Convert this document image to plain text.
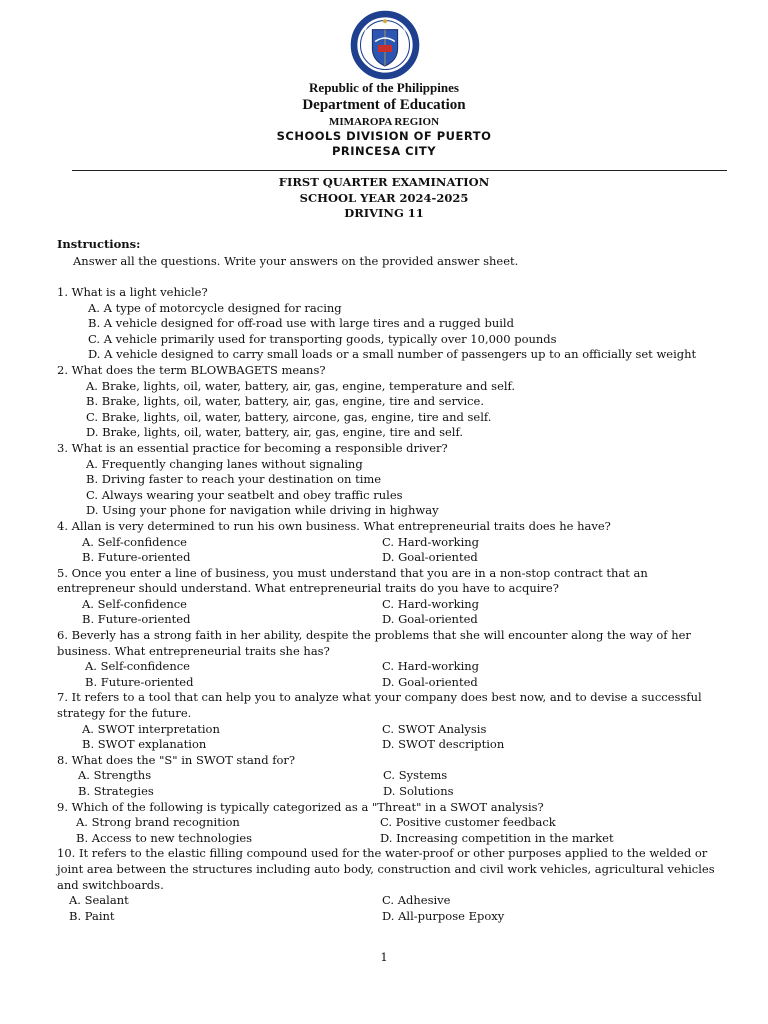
Republic of the Philippines
Department of Education
MIMAROPA REGION
SCHOOLS DIVISION OF PUERTO
PRINCESA CITY
FIRST QUARTER EXAMINATION
SCHOOL YEAR 2024-2025
DRIVING 11
Instructions:
Answer all the questions. Write your answers on the provided answer sheet.
1. What is a light vehicle?
A. A type of motorcycle designed for racing
B. A vehicle designed for off-road use with large tires and a rugged build
C. A vehicle primarily used for transporting goods, typically over 10,000 pounds
D. A vehicle designed to carry small loads or a small number of passengers up to an officially set weight
2. What does the term BLOWBAGETS means?
A. Brake, lights, oil, water, battery, air, gas, engine, temperature and self.
B. Brake, lights, oil, water, battery, air, gas, engine, tire and service.
C. Brake, lights, oil, water, battery, aircone, gas, engine, tire and self.
D. Brake, lights, oil, water, battery, air, gas, engine, tire and self.
3. What is an essential practice for becoming a responsible driver?
A. Frequently changing lanes without signaling
B. Driving faster to reach your destination on time
C. Always wearing your seatbelt and obey traffic rules
D. Using your phone for navigation while driving in highway
4. Allan is very determined to run his own business. What entrepreneurial traits does he have?
A. Self-confidence	C. Hard-working
B. Future-oriented	D. Goal-oriented
5. Once you enter a line of business, you must understand that you are in a non-stop contract that an entrepreneur should understand. What entrepreneurial traits do you have to acquire?
A. Self-confidence	C. Hard-working
B. Future-oriented	D. Goal-oriented
6. Beverly has a strong faith in her ability, despite the problems that she will encounter along the way of her business. What entrepreneurial traits she has?
A. Self-confidence	C. Hard-working
B. Future-oriented	D. Goal-oriented
7. It refers to a tool that can help you to analyze what your company does best now, and to devise a successful strategy for the future.
A. SWOT interpretation	C. SWOT Analysis
B. SWOT explanation	D. SWOT description
8. What does the "S" in SWOT stand for?
A. Strengths	C. Systems
B. Strategies	D. Solutions
9. Which of the following is typically categorized as a "Threat" in a SWOT analysis?
A. Strong brand recognition	C. Positive customer feedback
B. Access to new technologies	D. Increasing competition in the market
10. It refers to the elastic filling compound used for the water-proof or other purposes applied to the welded or joint area between the structures including auto body, construction and civil work vehicles, agricultural vehicles and switchboards.
A. Sealant	C. Adhesive
B. Paint	D. All-purpose Epoxy
1
